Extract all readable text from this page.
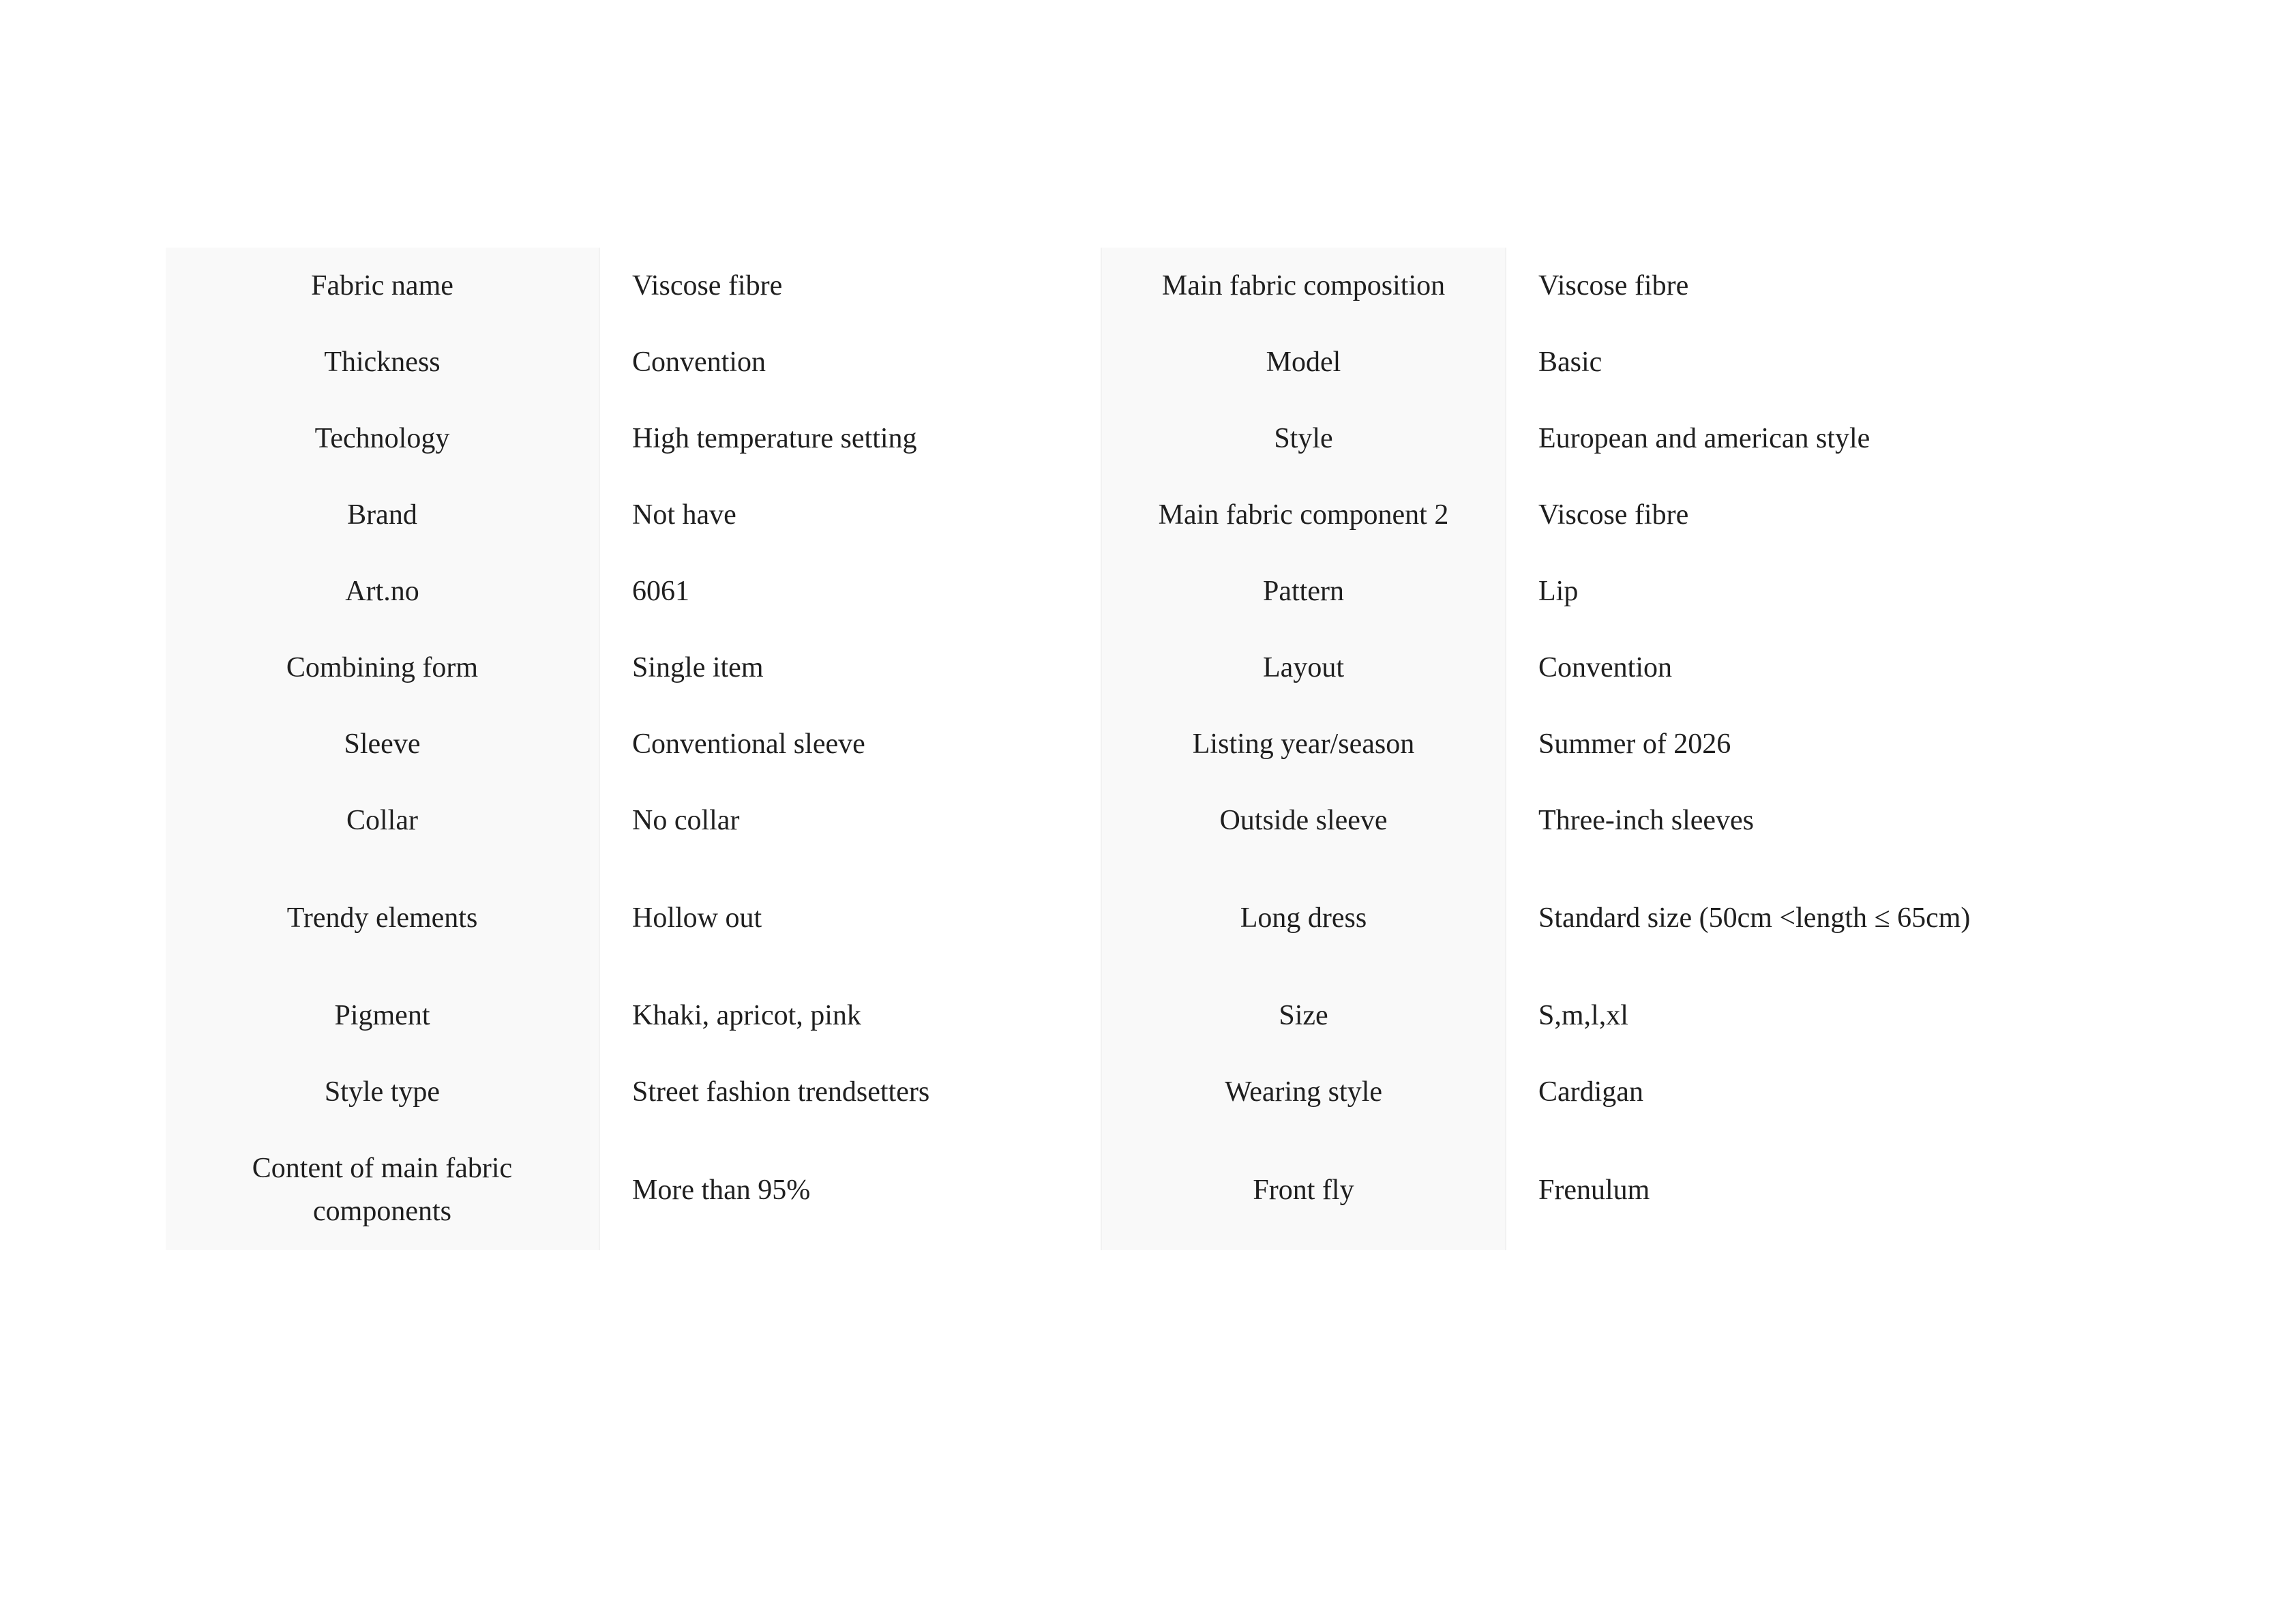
Fabric name	Viscose fibre	Main fabric composition	Viscose fibre
Thickness	Convention	Model	Basic
Technology	High temperature setting	Style	European and american style
Brand	Not have	Main fabric component 2	Viscose fibre
Art.no	6061	Pattern	Lip
Combining form	Single item	Layout	Convention
Sleeve	Conventional sleeve	Listing year/season	Summer of 2026
Collar	No collar	Outside sleeve	Three-inch sleeves
Trendy elements	Hollow out	Long dress	Standard size (50cm <length ≤ 65cm)
Pigment	Khaki, apricot, pink	Size	S,m,l,xl
Style type	Street fashion trendsetters	Wearing style	Cardigan
Content of main fabric components	More than 95%	Front fly	Frenulum
